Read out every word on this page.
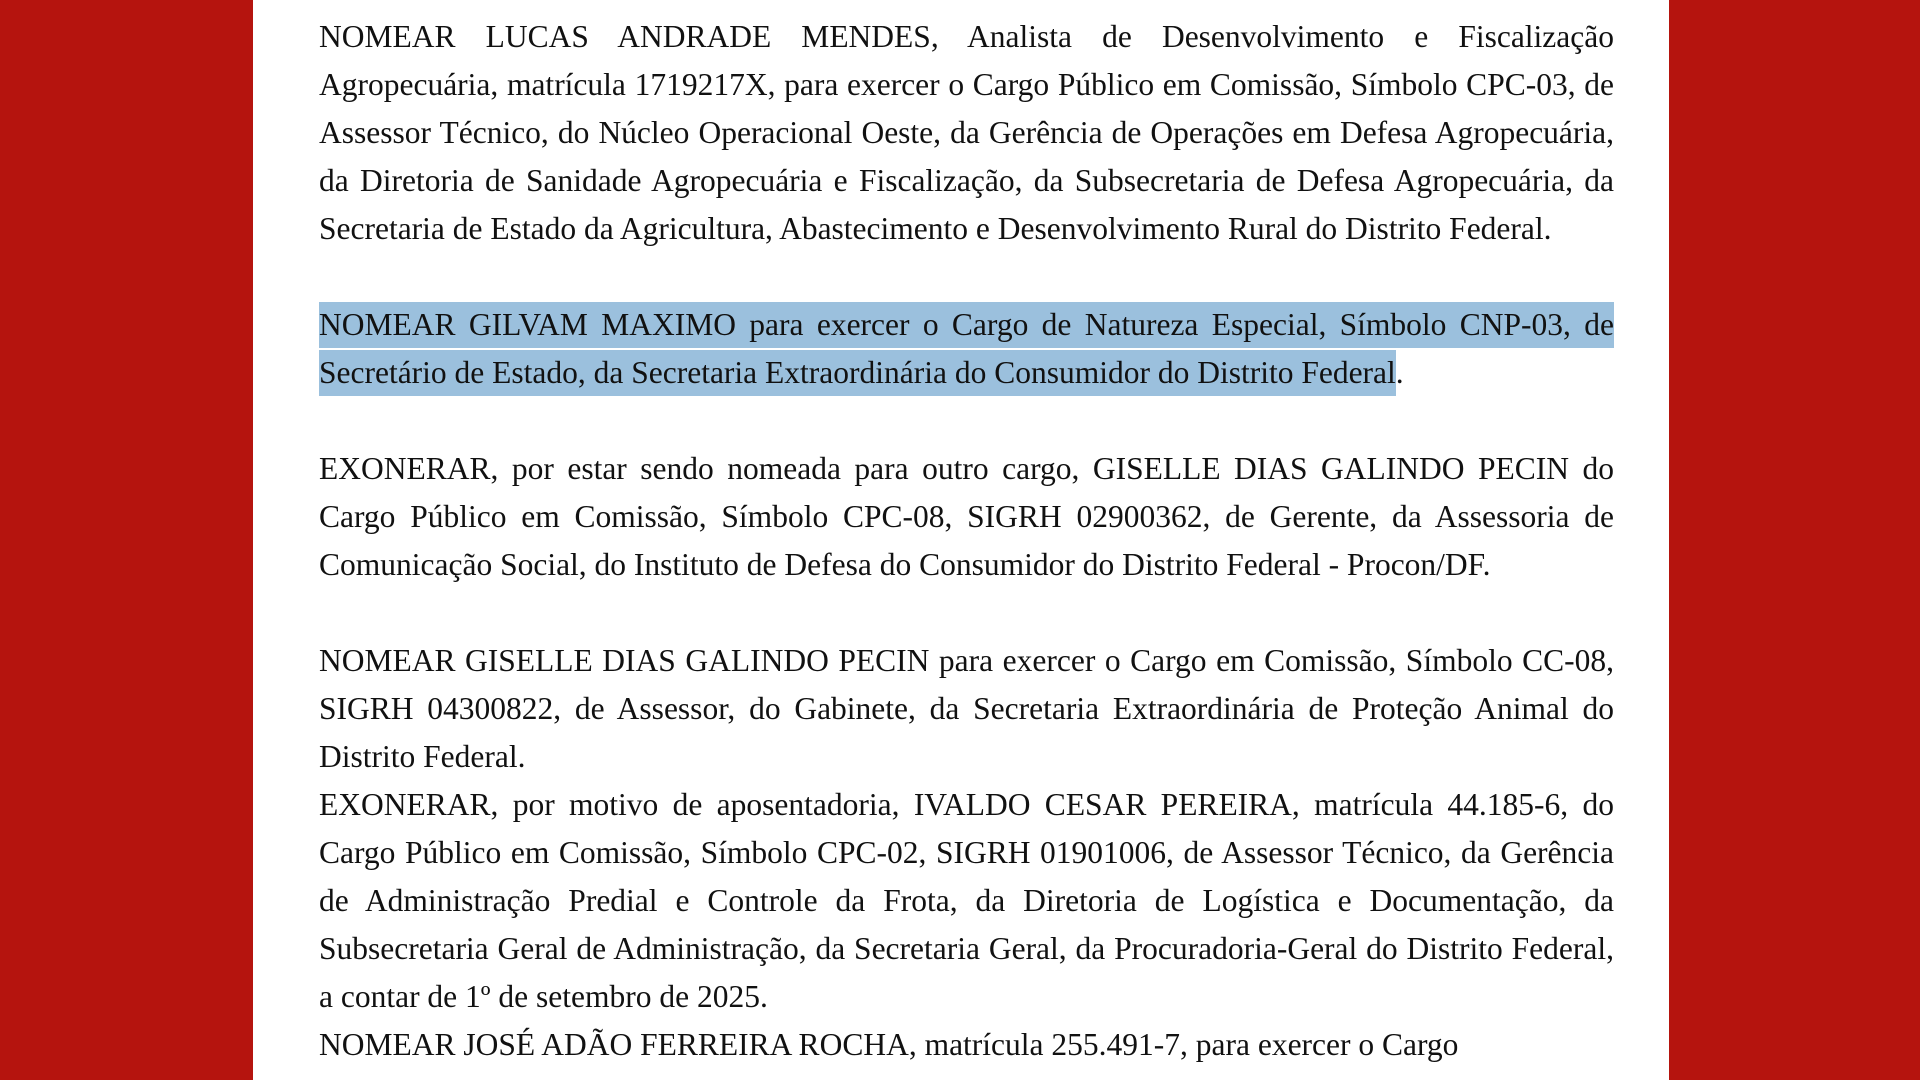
NOMEAR LUCAS ANDRADE MENDES, Analista de Desenvolvimento e Fiscalização Agropecuária, matrícula 1719217X, para exercer o Cargo Público em Comissão, Símbolo CPC-03, de Assessor Técnico, do Núcleo Operacional Oeste, da Gerência de Operações em Defesa Agropecuária, da Diretoria de Sanidade Agropecuária e Fiscalização, da Subsecretaria de Defesa Agropecuária, da Secretaria de Estado da Agricultura, Abastecimento e Desenvolvimento Rural do Distrito Federal.
NOMEAR GILVAM MAXIMO para exercer o Cargo de Natureza Especial, Símbolo CNP-03, de Secretário de Estado, da Secretaria Extraordinária do Consumidor do Distrito Federal.
EXONERAR, por estar sendo nomeada para outro cargo, GISELLE DIAS GALINDO PECIN do Cargo Público em Comissão, Símbolo CPC-08, SIGRH 02900362, de Gerente, da Assessoria de Comunicação Social, do Instituto de Defesa do Consumidor do Distrito Federal - Procon/DF.
NOMEAR GISELLE DIAS GALINDO PECIN para exercer o Cargo em Comissão, Símbolo CC-08, SIGRH 04300822, de Assessor, do Gabinete, da Secretaria Extraordinária de Proteção Animal do Distrito Federal.
EXONERAR, por motivo de aposentadoria, IVALDO CESAR PEREIRA, matrícula 44.185-6, do Cargo Público em Comissão, Símbolo CPC-02, SIGRH 01901006, de Assessor Técnico, da Gerência de Administração Predial e Controle da Frota, da Diretoria de Logística e Documentação, da Subsecretaria Geral de Administração, da Secretaria Geral, da Procuradoria-Geral do Distrito Federal, a contar de 1º de setembro de 2025.
NOMEAR JOSÉ ADÃO FERREIRA ROCHA, matrícula 255.491-7, para exercer o Cargo
